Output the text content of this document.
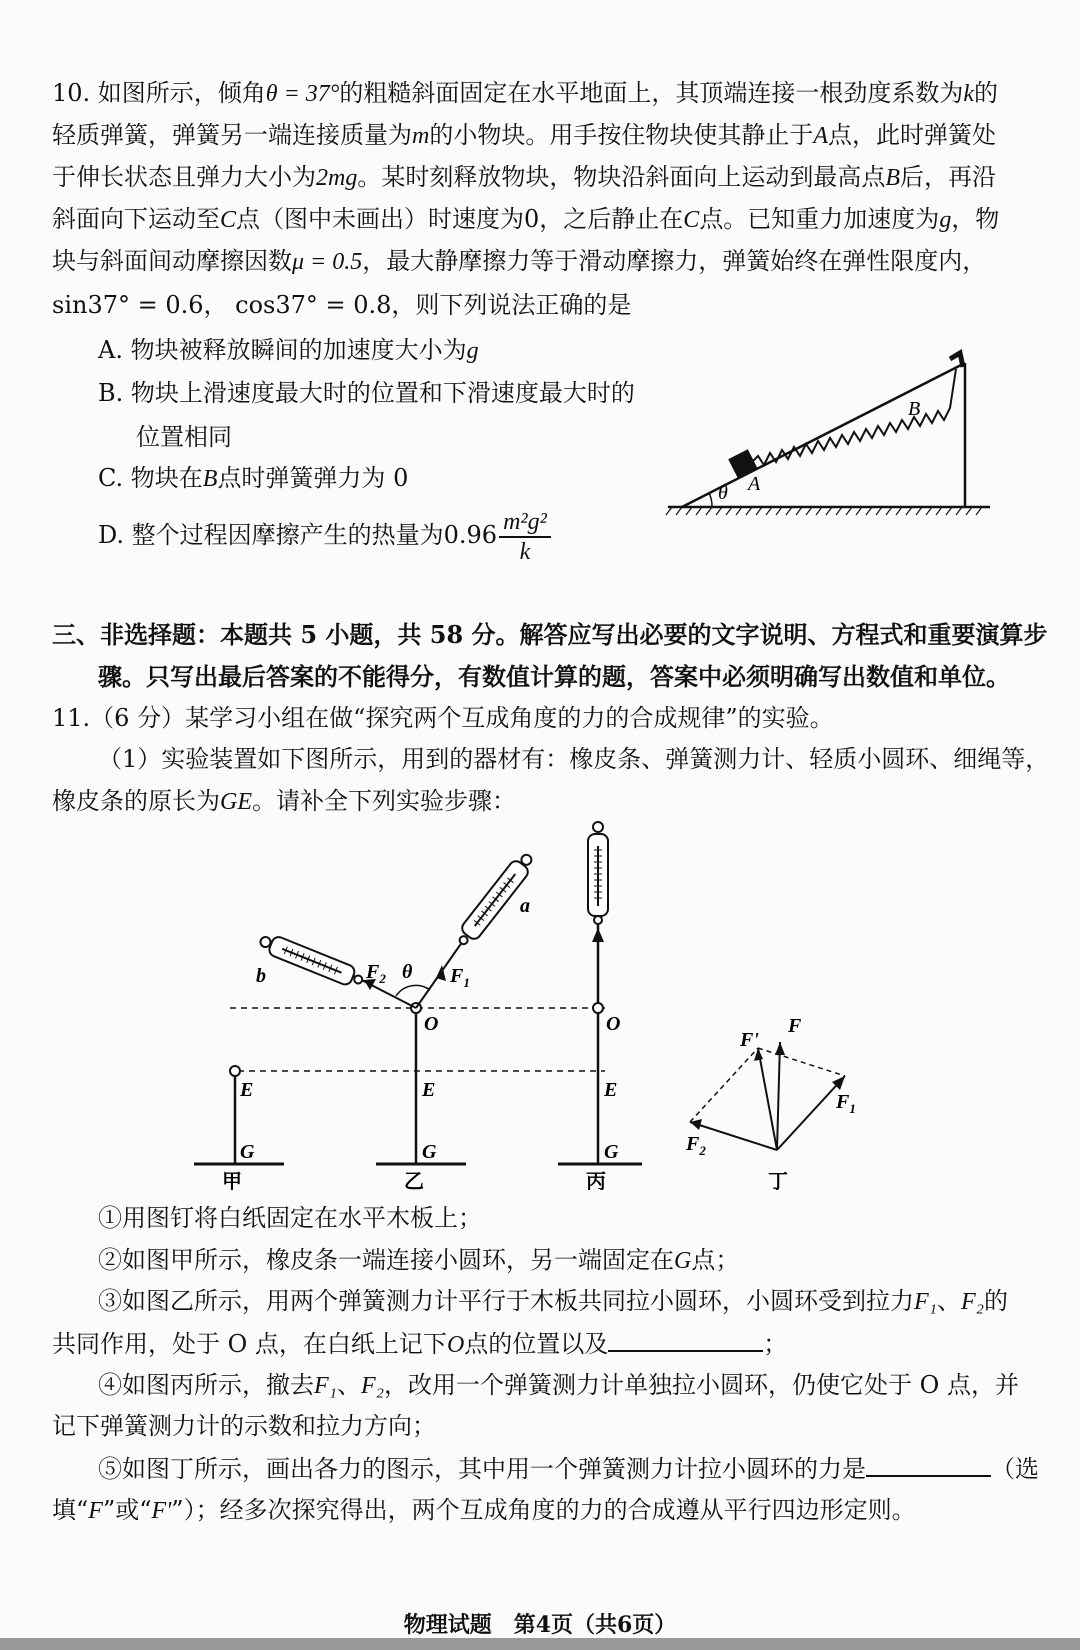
10. 如图所示，倾角θ = 37°的粗糙斜面固定在水平地面上，其顶端连接一根劲度系数为k的
轻质弹簧，弹簧另一端连接质量为m的小物块。用手按住物块使其静止于A点，此时弹簧处
于伸长状态且弹力大小为2mg。某时刻释放物块，物块沿斜面向上运动到最高点B后，再沿
斜面向下运动至C点（图中未画出）时速度为0，之后静止在C点。已知重力加速度为g，物
块与斜面间动摩擦因数μ = 0.5，最大静摩擦力等于滑动摩擦力，弹簧始终在弹性限度内，
sin37° = 0.6， cos37° = 0.8，则下列说法正确的是
A. 物块被释放瞬间的加速度大小为g
B. 物块上滑速度最大时的位置和下滑速度最大时的
位置相同
C. 物块在B点时弹簧弹力为 0
D. 整个过程因摩擦产生的热量为$0.96 \frac{\text{m²g²}}{k}$
θ A
B
三、非选择题：本题共 5 小题，共 58 分。解答应写出必要的文字说明、方程式和重要演算步
骤。只写出最后答案的不能得分，有数值计算的题，答案中必须明确写出数值和单位。
11.（6 分）某学习小组在做“探究两个互成角度的力的合成规律”的实验。
（1）实验装置如下图所示，用到的器材有：橡皮条、弹簧测力计、轻质小圆环、细绳等，
橡皮条的原长为GE。请补全下列实验步骤：
E
G
甲
a
b	$F_1$
$F_2$ θ
O
E
G
乙
O
E
G
丙
F'
F
$F_1$
$F_2$
丁
①用图钉将白纸固定在水平木板上；
②如图甲所示，橡皮条一端连接小圆环，另一端固定在G点；
③如图乙所示，用两个弹簧测力计平行于木板共同拉小圆环，小圆环受到拉力F₁、F₂的
共同作用，处于 O 点，在白纸上记下O点的位置以及	；
④如图丙所示，撤去F₁、F₂，改用一个弹簧测力计单独拉小圆环，仍使它处于 O 点，并
记下弹簧测力计的示数和拉力方向；
⑤如图丁所示，画出各力的图示，其中用一个弹簧测力计拉小圆环的力是	（选
填“F”或“F'”）；经多次探究得出，两个互成角度的力的合成遵从平行四边形定则。
物理试题　第4页（共6页）
